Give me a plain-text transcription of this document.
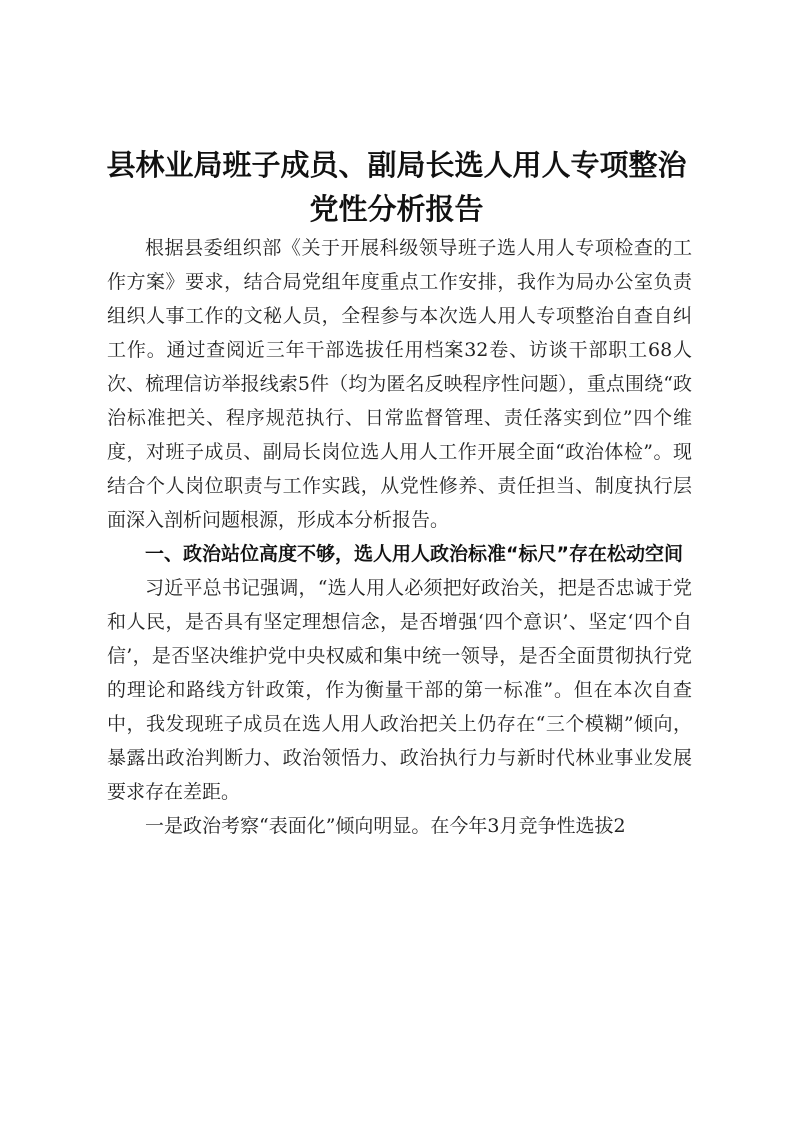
县林业局班子成员、副局长选人用人专项整治
党性分析报告

根据县委组织部《关于开展科级领导班子选人用人专项检查的工作方案》要求，结合局党组年度重点工作安排，我作为局办公室负责组织人事工作的文秘人员，全程参与本次选人用人专项整治自查自纠工作。通过查阅近三年干部选拔任用档案32卷、访谈干部职工68人次、梳理信访举报线索5件（均为匿名反映程序性问题），重点围绕“政治标准把关、程序规范执行、日常监督管理、责任落实到位”四个维度，对班子成员、副局长岗位选人用人工作开展全面“政治体检”。现结合个人岗位职责与工作实践，从党性修养、责任担当、制度执行层面深入剖析问题根源，形成本分析报告。

一、政治站位高度不够，选人用人政治标准“标尺”存在松动空间

习近平总书记强调，“选人用人必须把好政治关，把是否忠诚于党和人民，是否具有坚定理想信念，是否增强‘四个意识’、坚定‘四个自信’，是否坚决维护党中央权威和集中统一领导，是否全面贯彻执行党的理论和路线方针政策，作为衡量干部的第一标准”。但在本次自查中，我发现班子成员在选人用人政治把关上仍存在“三个模糊”倾向，暴露出政治判断力、政治领悟力、政治执行力与新时代林业事业发展要求存在差距。

一是政治考察“表面化”倾向明显。在今年3月竞争性选拔2
